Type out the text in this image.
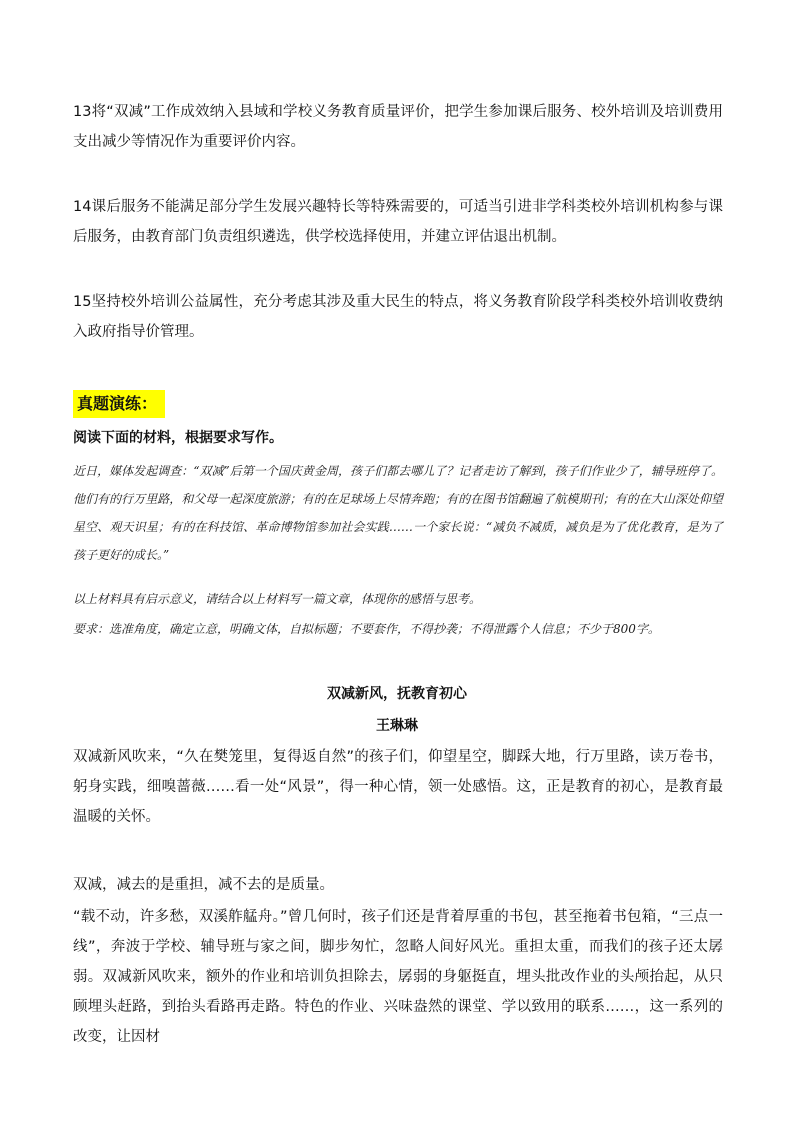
13将“双减”工作成效纳入县域和学校义务教育质量评价，把学生参加课后服务、校外培训及培训费用支出减少等情况作为重要评价内容。

14课后服务不能满足部分学生发展兴趣特长等特殊需要的，可适当引进非学科类校外培训机构参与课后服务，由教育部门负责组织遴选，供学校选择使用，并建立评估退出机制。

15坚持校外培训公益属性，充分考虑其涉及重大民生的特点，将义务教育阶段学科类校外培训收费纳入政府指导价管理。

真题演练：

阅读下面的材料，根据要求写作。

近日，媒体发起调查：“双减”后第一个国庆黄金周，孩子们都去哪儿了？记者走访了解到，孩子们作业少了，辅导班停了。他们有的行万里路，和父母一起深度旅游；有的在足球场上尽情奔跑；有的在图书馆翻遍了航模期刊；有的在大山深处仰望星空、观天识星；有的在科技馆、革命博物馆参加社会实践……一个家长说：“减负不减质，减负是为了优化教育，是为了孩子更好的成长。”

以上材料具有启示意义，请结合以上材料写一篇文章，体现你的感悟与思考。

要求：选准角度，确定立意，明确文体，自拟标题；不要套作，不得抄袭；不得泄露个人信息；不少于800字。

双减新风，抚教育初心

王琳琳

双减新风吹来，“久在樊笼里，复得返自然”的孩子们，仰望星空，脚踩大地，行万里路，读万卷书，躬身实践，细嗅蔷薇……看一处“风景”，得一种心情，领一处感悟。这，正是教育的初心，是教育最温暖的关怀。

双减，减去的是重担，减不去的是质量。

“载不动，许多愁，双溪舴艋舟。”曾几何时，孩子们还是背着厚重的书包，甚至拖着书包箱，“三点一线”，奔波于学校、辅导班与家之间，脚步匆忙，忽略人间好风光。重担太重，而我们的孩子还太孱弱。双减新风吹来，额外的作业和培训负担除去，孱弱的身躯挺直，埋头批改作业的头颅抬起，从只顾埋头赶路，到抬头看路再走路。特色的作业、兴味盎然的课堂、学以致用的联系……，这一系列的改变，让因材
